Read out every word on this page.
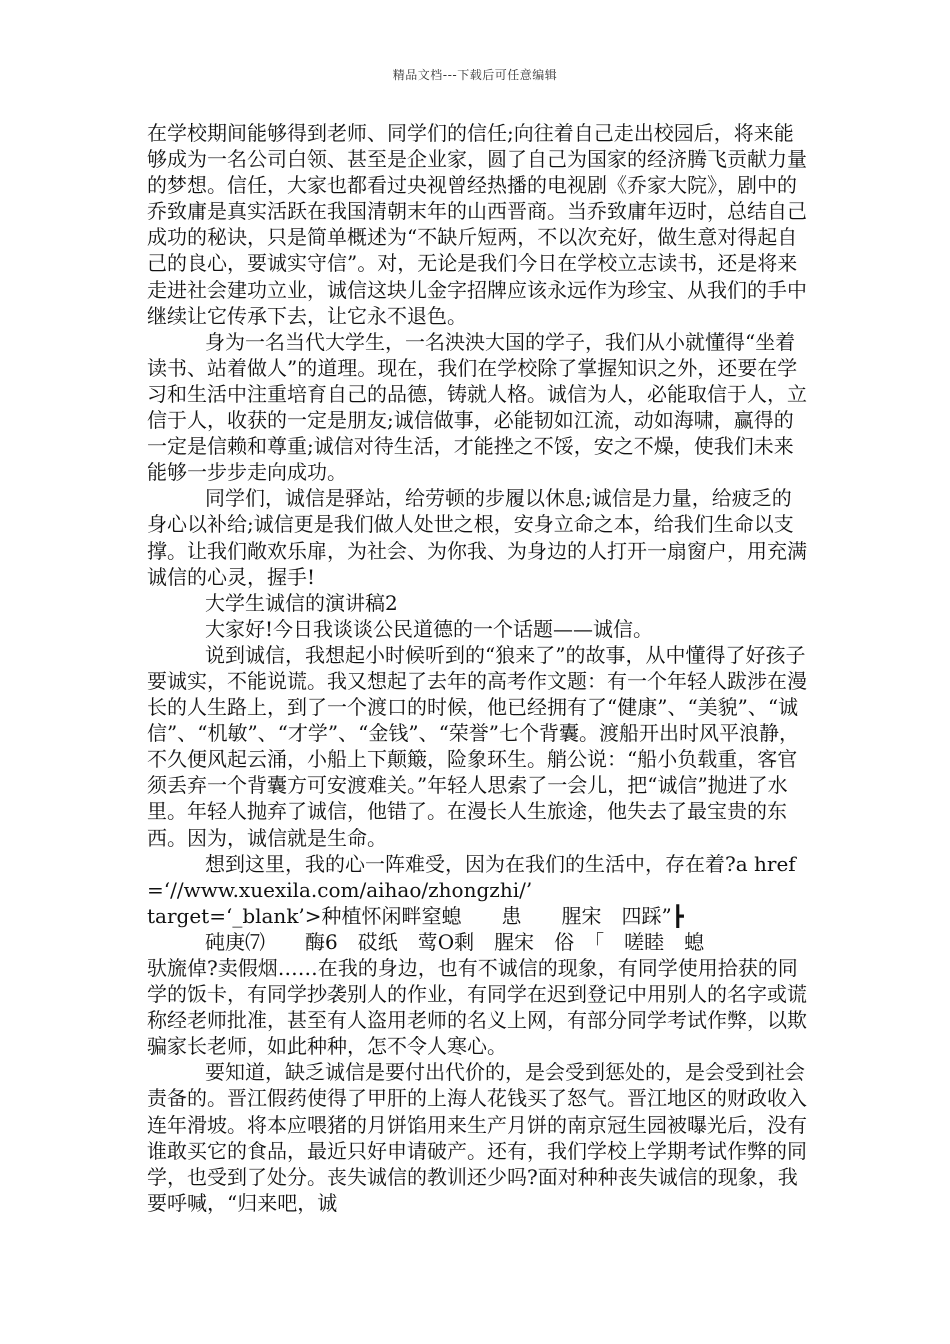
精品文档---下载后可任意编辑

在学校期间能够得到老师、同学们的信任;向往着自己走出校园后，将来能够成为一名公司白领、甚至是企业家，圆了自己为国家的经济腾飞贡献力量的梦想。信任，大家也都看过央视曾经热播的电视剧《乔家大院》，剧中的乔致庸是真实活跃在我国清朝末年的山西晋商。当乔致庸年迈时，总结自己成功的秘诀，只是简单概述为“不缺斤短两，不以次充好，做生意对得起自己的良心，要诚实守信”。对，无论是我们今日在学校立志读书，还是将来走进社会建功立业，诚信这块儿金字招牌应该永远作为珍宝、从我们的手中继续让它传承下去，让它永不退色。

身为一名当代大学生，一名泱泱大国的学子，我们从小就懂得“坐着读书、站着做人”的道理。现在，我们在学校除了掌握知识之外，还要在学习和生活中注重培育自己的品德，铸就人格。诚信为人，必能取信于人，立信于人，收获的一定是朋友;诚信做事，必能韧如江流，动如海啸，赢得的一定是信赖和尊重;诚信对待生活，才能挫之不馁，安之不燥，使我们未来能够一步步走向成功。

同学们，诚信是驿站，给劳顿的步履以休息;诚信是力量，给疲乏的身心以补给;诚信更是我们做人处世之根，安身立命之本，给我们生命以支撑。让我们敞欢乐扉，为社会、为你我、为身边的人打开一扇窗户，用充满诚信的心灵，握手!

大学生诚信的演讲稿2

大家好!今日我谈谈公民道德的一个话题——诚信。

说到诚信，我想起小时候听到的“狼来了”的故事，从中懂得了好孩子要诚实，不能说谎。我又想起了去年的高考作文题：有一个年轻人跋涉在漫长的人生路上，到了一个渡口的时候，他已经拥有了“健康”、“美貌”、“诚信”、“机敏”、“才学”、“金钱”、“荣誉”七个背囊。渡船开出时风平浪静，不久便风起云涌，小船上下颠簸，险象环生。艄公说：“船小负载重，客官须丢弃一个背囊方可安渡难关。”年轻人思索了一会儿，把“诚信”抛进了水里。年轻人抛弃了诚信，他错了。在漫长人生旅途，他失去了最宝贵的东西。因为，诚信就是生命。

想到这里，我的心一阵难受，因为在我们的生活中，存在着?a href=‘//www.xuexila.com/aihao/zhongzhi/’

target=‘_blank’>种植怀闲畔窒螅　　患　　腥宋　四踩”┣

砘庚⑺　　酶6　砹纸　莺O剩　腥宋　俗　「　嗟睦　螅

驮旒倬?卖假烟……在我的身边，也有不诚信的现象，有同学使用拾获的同学的饭卡，有同学抄袭别人的作业，有同学在迟到登记中用别人的名字或谎称经老师批准，甚至有人盗用老师的名义上网，有部分同学考试作弊，以欺骗家长老师，如此种种，怎不令人寒心。

要知道，缺乏诚信是要付出代价的，是会受到惩处的，是会受到社会责备的。晋江假药使得了甲肝的上海人花钱买了怒气。晋江地区的财政收入连年滑坡。将本应喂猪的月饼馅用来生产月饼的南京冠生园被曝光后，没有谁敢买它的食品，最近只好申请破产。还有，我们学校上学期考试作弊的同学，也受到了处分。丧失诚信的教训还少吗?面对种种丧失诚信的现象，我要呼喊，“归来吧，诚
